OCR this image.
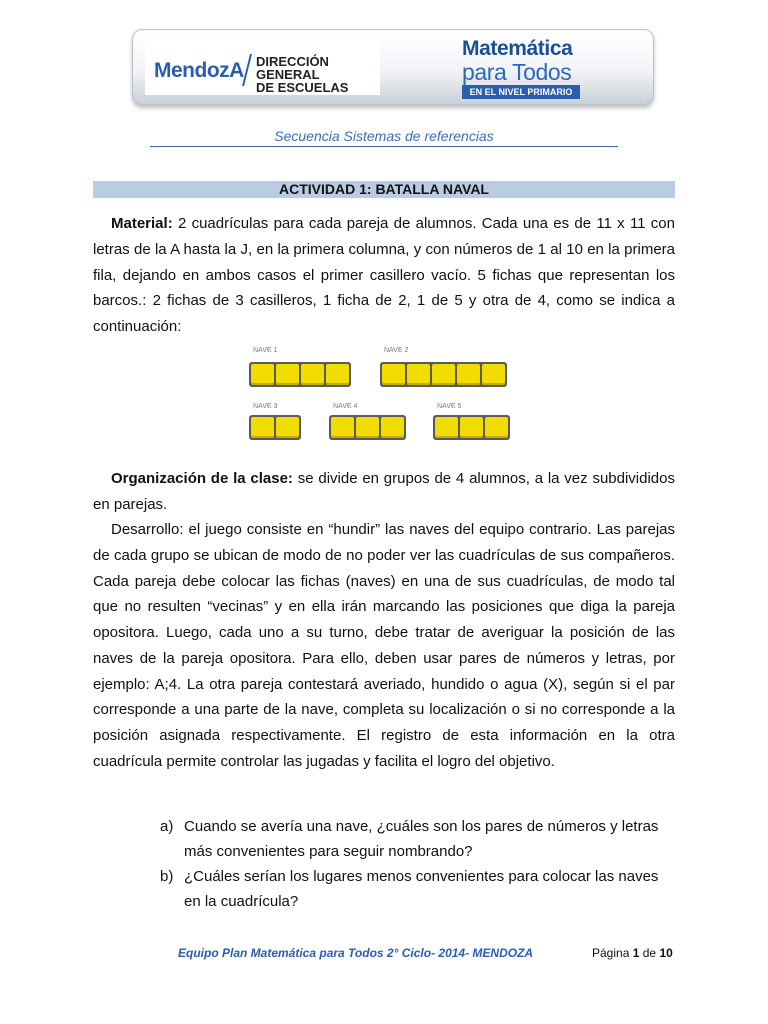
MendozA DIRECCIÓN GENERAL
DE ESCUELAS
Matemática
para Todos
EN EL NIVEL PRIMARIO
Secuencia Sistemas de referencias
ACTIVIDAD 1: BATALLA NAVAL

Material: 2 cuadrículas para cada pareja de alumnos. Cada una es de 11 x 11 con letras de la A hasta la J, en la primera columna, y con números de 1 al 10 en la primera fila, dejando en ambos casos el primer casillero vacío. 5 fichas que representan los barcos.: 2 fichas de 3 casilleros, 1 ficha de 2, 1 de 5 y otra de 4, como se indica a continuación:

NAVE 1	NAVE 2
NAVE 3	NAVE 4	NAVE 5

Organización de la clase: se divide en grupos de 4 alumnos, a la vez subdivididos en parejas.

Desarrollo: el juego consiste en “hundir” las naves del equipo contrario. Las parejas de cada grupo se ubican de modo de no poder ver las cuadrículas de sus compañeros. Cada pareja debe colocar las fichas (naves) en una de sus cuadrículas, de modo tal que no resulten “vecinas” y en ella irán marcando las posiciones que diga la pareja opositora. Luego, cada uno a su turno, debe tratar de averiguar la posición de las naves de la pareja opositora. Para ello, deben usar pares de números y letras, por ejemplo: A;4. La otra pareja contestará averiado, hundido o agua (X), según si el par corresponde a una parte de la nave, completa su localización o si no corresponde a la posición asignada respectivamente. El registro de esta información en la otra cuadrícula permite controlar las jugadas y facilita el logro del objetivo.

a) Cuando se avería una nave, ¿cuáles son los pares de números y letras más convenientes para seguir nombrando?
b) ¿Cuáles serían los lugares menos convenientes para colocar las naves en la cuadrícula?
Equipo Plan Matemática para Todos 2° Ciclo- 2014- MENDOZA	Página 1 de 10
